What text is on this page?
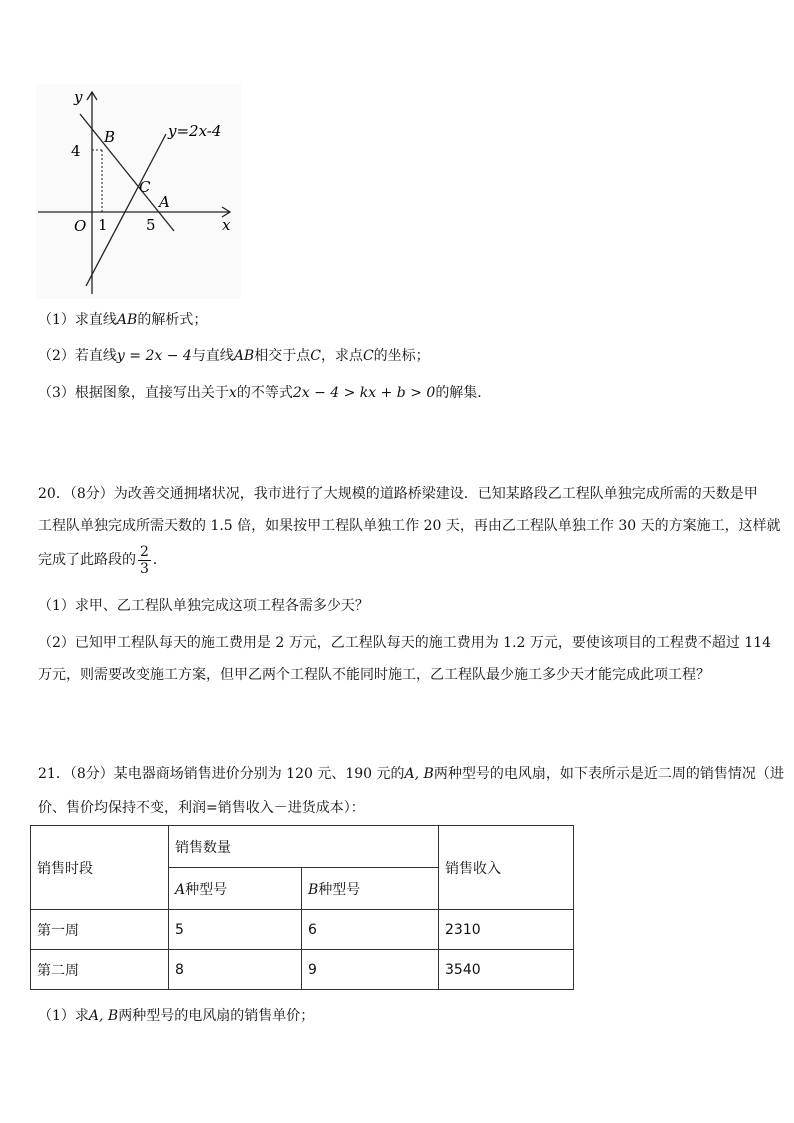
y
x
O
B
C
A
4
1	5
y=2x-4
（1）求直线AB的解析式；
（2）若直线y = 2x − 4与直线AB相交于点C，求点C的坐标；
（3）根据图象，直接写出关于x的不等式2x − 4 > kx + b > 0的解集．
20．（8分）为改善交通拥堵状况，我市进行了大规模的道路桥梁建设．已知某路段乙工程队单独完成所需的天数是甲
工程队单独完成所需天数的 1.5 倍，如果按甲工程队单独工作 20 天，再由乙工程队单独工作 30 天的方案施工，这样就
完成了此路段的 $\frac{2}{3}$ ．
（1）求甲、乙工程队单独完成这项工程各需多少天？
（2）已知甲工程队每天的施工费用是 2 万元，乙工程队每天的施工费用为 1.2 万元，要使该项目的工程费不超过 114
万元，则需要改变施工方案，但甲乙两个工程队不能同时施工，乙工程队最少施工多少天才能完成此项工程？
21．（8分）某电器商场销售进价分别为 120 元、190 元的A, B两种型号的电风扇，如下表所示是近二周的销售情况（进
价、售价均保持不变，利润=销售收入－进货成本）：
销售时段	销售数量		销售收入
	A种型号	B种型号	
第一周	5	6	2310
第二周	8	9	3540
（1）求A, B两种型号的电风扇的销售单价；
